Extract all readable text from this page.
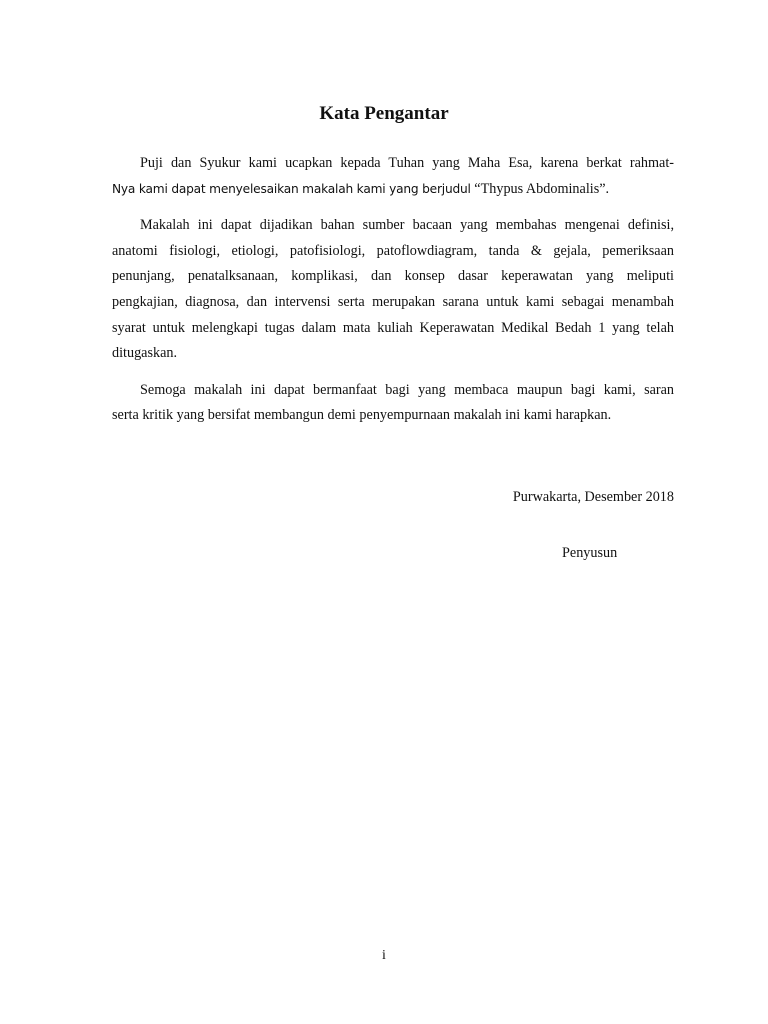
Kata Pengantar

Puji dan Syukur kami ucapkan kepada Tuhan yang Maha Esa, karena berkat rahmat-
Nya kami dapat menyelesaikan makalah kami yang berjudul “Thypus Abdominalis”.

Makalah ini dapat dijadikan bahan sumber bacaan yang membahas mengenai definisi,
anatomi fisiologi, etiologi, patofisiologi, patoflowdiagram, tanda & gejala, pemeriksaan
penunjang, penatalksanaan, komplikasi, dan konsep dasar keperawatan yang meliputi
pengkajian, diagnosa, dan intervensi serta merupakan sarana untuk kami sebagai menambah
syarat untuk melengkapi tugas dalam mata kuliah Keperawatan Medikal Bedah 1 yang telah
ditugaskan.

Semoga makalah ini dapat bermanfaat bagi yang membaca maupun bagi kami, saran
serta kritik yang bersifat membangun demi penyempurnaan makalah ini kami harapkan.

Purwakarta, Desember 2018

Penyusun

i
